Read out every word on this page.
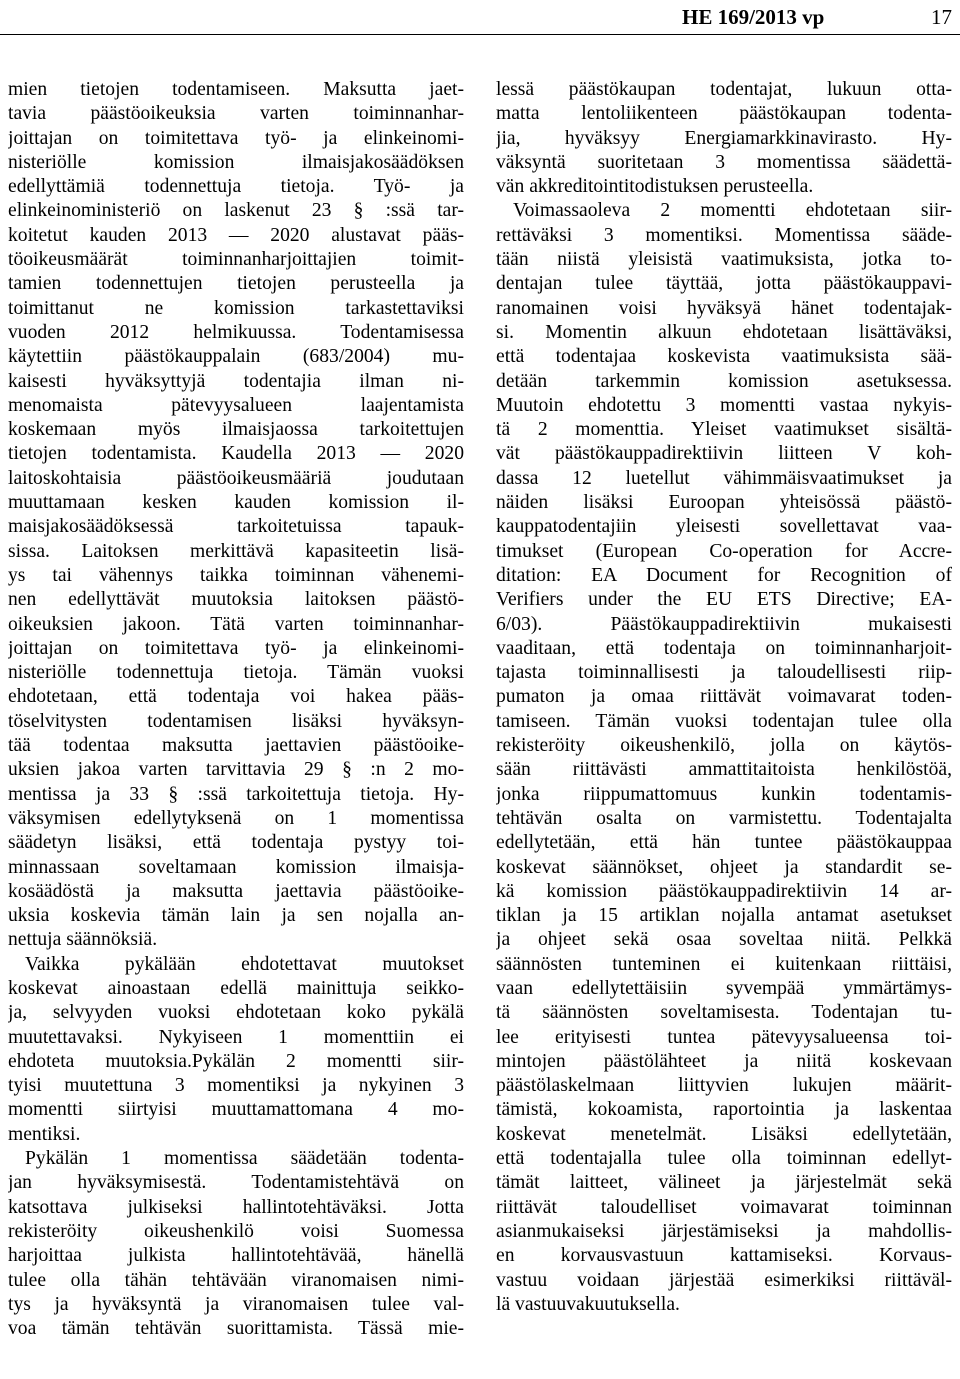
HE 169/2013 vp	17
mien tietojen todentamiseen. Maksutta jaet-
tavia päästöoikeuksia varten toiminnanhar-
joittajan on toimitettava työ- ja elinkeinomi-
nisteriölle komission ilmaisjakosäädöksen
edellyttämiä todennettuja tietoja. Työ- ja
elinkeinoministeriö on laskenut 23 § :ssä tar-
koitetut kauden 2013 — 2020 alustavat pääs-
töoikeusmäärät toiminnanharjoittajien toimit-
tamien todennettujen tietojen perusteella ja
toimittanut ne komission tarkastettaviksi
vuoden 2012 helmikuussa. Todentamisessa
käytettiin päästökauppalain (683/2004) mu-
kaisesti hyväksyttyjä todentajia ilman ni-
menomaista pätevyysalueen laajentamista
koskemaan myös ilmaisjaossa tarkoitettujen
tietojen todentamista. Kaudella 2013 — 2020
laitoskohtaisia päästöoikeusmääriä joudutaan
muuttamaan kesken kauden komission il-
maisjakosäädöksessä tarkoitetuissa tapauk-
sissa. Laitoksen merkittävä kapasiteetin lisä-
ys tai vähennys taikka toiminnan vähenemi-
nen edellyttävät muutoksia laitoksen päästö-
oikeuksien jakoon. Tätä varten toiminnanhar-
joittajan on toimitettava työ- ja elinkeinomi-
nisteriölle todennettuja tietoja. Tämän vuoksi
ehdotetaan, että todentaja voi hakea pääs-
töselvitysten todentamisen lisäksi hyväksyn-
tää todentaa maksutta jaettavien päästöoike-
uksien jakoa varten tarvittavia 29 § :n 2 mo-
mentissa ja 33 § :ssä tarkoitettuja tietoja. Hy-
väksymisen edellytyksenä on 1 momentissa
säädetyn lisäksi, että todentaja pystyy toi-
minnassaan soveltamaan komission ilmaisja-
kosäädöstä ja maksutta jaettavia päästöoike-
uksia koskevia tämän lain ja sen nojalla an-
nettuja säännöksiä.
Vaikka pykälään ehdotettavat muutokset
koskevat ainoastaan edellä mainittuja seikko-
ja, selvyyden vuoksi ehdotetaan koko pykälä
muutettavaksi. Nykyiseen 1 momenttiin ei
ehdoteta muutoksia.Pykälän 2 momentti siir-
tyisi muutettuna 3 momentiksi ja nykyinen 3
momentti siirtyisi muuttamattomana 4 mo-
mentiksi.
Pykälän 1 momentissa säädetään todenta-
jan hyväksymisestä. Todentamistehtävä on
katsottava julkiseksi hallintotehtäväksi. Jotta
rekisteröity oikeushenkilö voisi Suomessa
harjoittaa julkista hallintotehtävää, hänellä
tulee olla tähän tehtävään viranomaisen nimi-
tys ja hyväksyntä ja viranomaisen tulee val-
voa tämän tehtävän suorittamista. Tässä mie-
lessä päästökaupan todentajat, lukuun otta-
matta lentoliikenteen päästökaupan todenta-
jia, hyväksyy Energiamarkkinavirasto. Hy-
väksyntä suoritetaan 3 momentissa säädettä-
vän akkreditointitodistuksen perusteella.
Voimassaoleva 2 momentti ehdotetaan siir-
rettäväksi 3 momentiksi. Momentissa sääde-
tään niistä yleisistä vaatimuksista, jotka to-
dentajan tulee täyttää, jotta päästökauppavi-
ranomainen voisi hyväksyä hänet todentajak-
si. Momentin alkuun ehdotetaan lisättäväksi,
että todentajaa koskevista vaatimuksista sää-
detään tarkemmin komission asetuksessa.
Muutoin ehdotettu 3 momentti vastaa nykyis-
tä 2 momenttia. Yleiset vaatimukset sisältä-
vät päästökauppadirektiivin liitteen V koh-
dassa 12 luetellut vähimmäisvaatimukset ja
näiden lisäksi Euroopan yhteisössä päästö-
kauppatodentajiin yleisesti sovellettavat vaa-
timukset (European Co-operation for Accre-
ditation: EA Document for Recognition of
Verifiers under the EU ETS Directive; EA-
6/03). Päästökauppadirektiivin mukaisesti
vaaditaan, että todentaja on toiminnanharjoit-
tajasta toiminnallisesti ja taloudellisesti riip-
pumaton ja omaa riittävät voimavarat toden-
tamiseen. Tämän vuoksi todentajan tulee olla
rekisteröity oikeushenkilö, jolla on käytös-
sään riittävästi ammattitaitoista henkilöstöä,
jonka riippumattomuus kunkin todentamis-
tehtävän osalta on varmistettu. Todentajalta
edellytetään, että hän tuntee päästökauppaa
koskevat säännökset, ohjeet ja standardit se-
kä komission päästökauppadirektiivin 14 ar-
tiklan ja 15 artiklan nojalla antamat asetukset
ja ohjeet sekä osaa soveltaa niitä. Pelkkä
säännösten tunteminen ei kuitenkaan riittäisi,
vaan edellytettäisiin syvempää ymmärtämys-
tä säännösten soveltamisesta. Todentajan tu-
lee erityisesti tuntea pätevyysalueensa toi-
mintojen päästölähteet ja niitä koskevaan
päästölaskelmaan liittyvien lukujen määrit-
tämistä, kokoamista, raportointia ja laskentaa
koskevat menetelmät. Lisäksi edellytetään,
että todentajalla tulee olla toiminnan edellyt-
tämät laitteet, välineet ja järjestelmät sekä
riittävät taloudelliset voimavarat toiminnan
asianmukaiseksi järjestämiseksi ja mahdollis-
en korvausvastuun kattamiseksi. Korvaus-
vastuu voidaan järjestää esimerkiksi riittäväl-
lä vastuuvakuutuksella.
